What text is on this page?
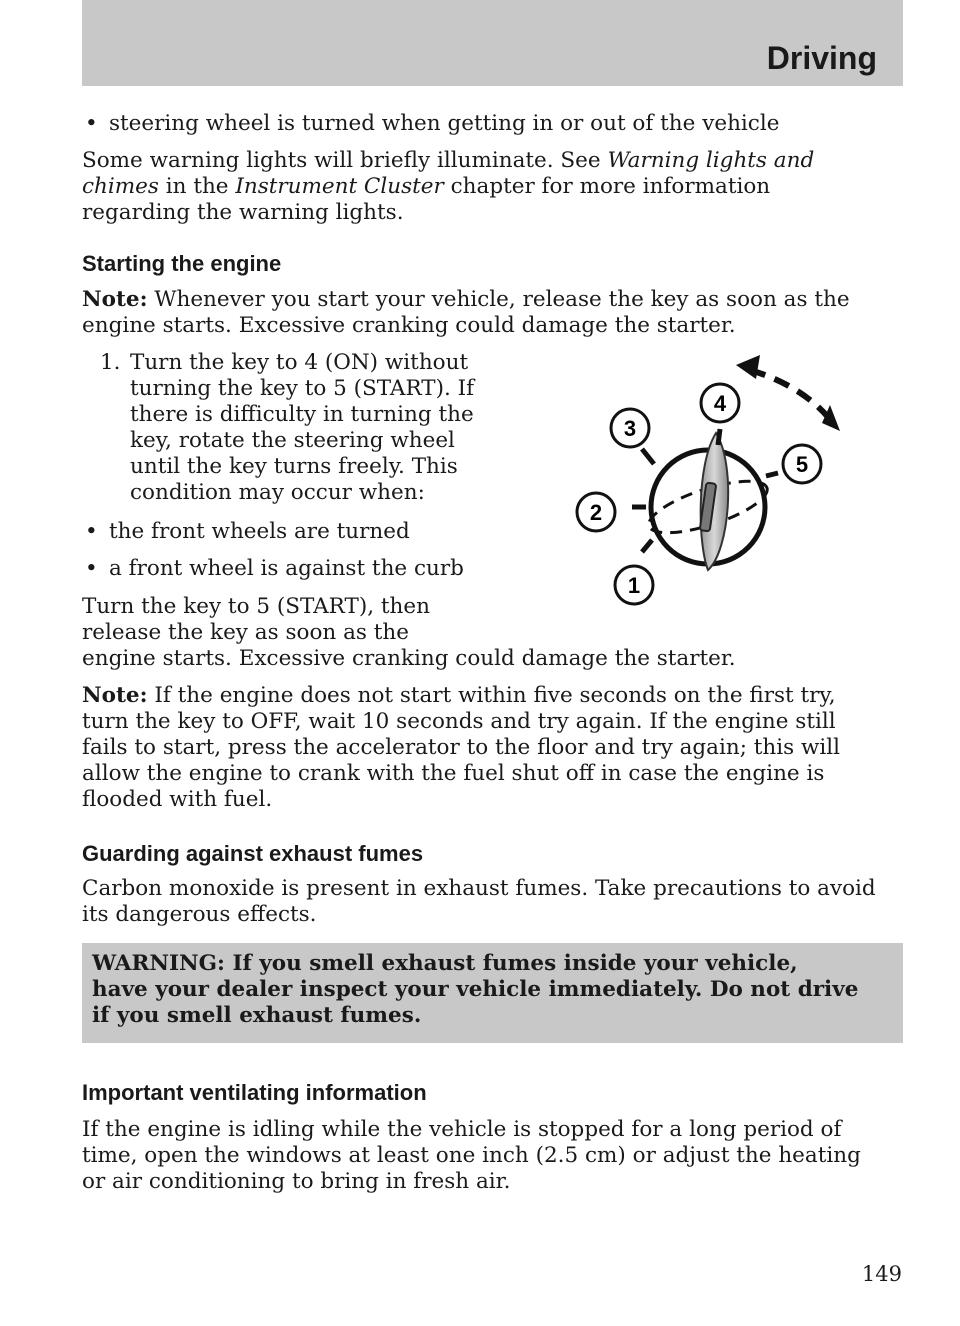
Driving
• steering wheel is turned when getting in or out of the vehicle
Some warning lights will briefly illuminate. See Warning lights and
chimes in the Instrument Cluster chapter for more information
regarding the warning lights.
Starting the engine
Note: Whenever you start your vehicle, release the key as soon as the
engine starts. Excessive cranking could damage the starter.
1. Turn the key to 4 (ON) without
turning the key to 5 (START). If
there is difficulty in turning the
key, rotate the steering wheel
until the key turns freely. This
condition may occur when:
• the front wheels are turned
• a front wheel is against the curb
Turn the key to 5 (START), then
release the key as soon as the
engine starts. Excessive cranking could damage the starter.
Note: If the engine does not start within five seconds on the first try,
turn the key to OFF, wait 10 seconds and try again. If the engine still
fails to start, press the accelerator to the floor and try again; this will
allow the engine to crank with the fuel shut off in case the engine is
flooded with fuel.
Guarding against exhaust fumes
Carbon monoxide is present in exhaust fumes. Take precautions to avoid
its dangerous effects.
WARNING: If you smell exhaust fumes inside your vehicle,
have your dealer inspect your vehicle immediately. Do not drive
if you smell exhaust fumes.
Important ventilating information
If the engine is idling while the vehicle is stopped for a long period of
time, open the windows at least one inch (2.5 cm) or adjust the heating
or air conditioning to bring in fresh air.
1
2
3
4
5
149
